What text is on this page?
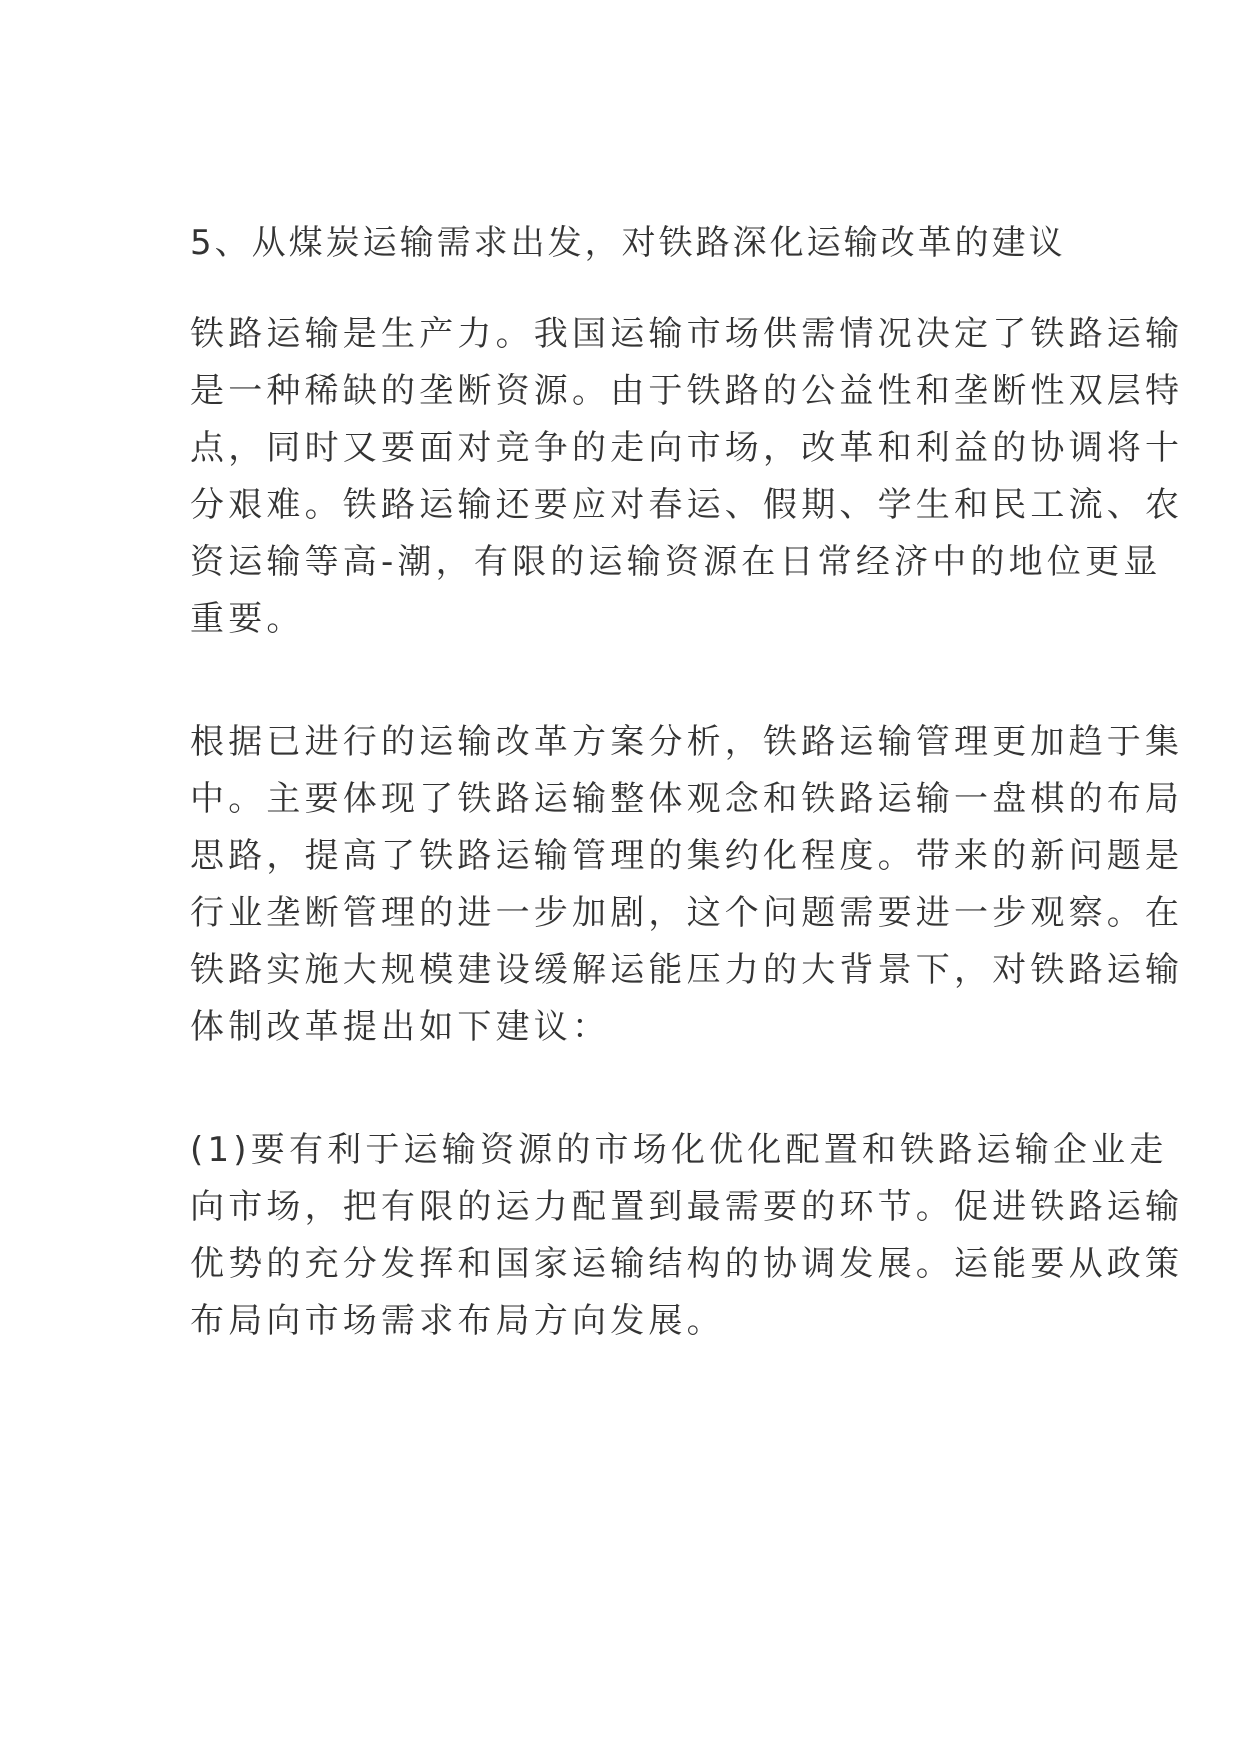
5、从煤炭运输需求出发，对铁路深化运输改革的建议
铁路运输是生产力。我国运输市场供需情况决定了铁路运输
是一种稀缺的垄断资源。由于铁路的公益性和垄断性双层特
点，同时又要面对竞争的走向市场，改革和利益的协调将十
分艰难。铁路运输还要应对春运、假期、学生和民工流、农
资运输等高-潮，有限的运输资源在日常经济中的地位更显
重要。
根据已进行的运输改革方案分析，铁路运输管理更加趋于集
中。主要体现了铁路运输整体观念和铁路运输一盘棋的布局
思路，提高了铁路运输管理的集约化程度。带来的新问题是
行业垄断管理的进一步加剧，这个问题需要进一步观察。在
铁路实施大规模建设缓解运能压力的大背景下，对铁路运输
体制改革提出如下建议：
(1)要有利于运输资源的市场化优化配置和铁路运输企业走
向市场，把有限的运力配置到最需要的环节。促进铁路运输
优势的充分发挥和国家运输结构的协调发展。运能要从政策
布局向市场需求布局方向发展。
